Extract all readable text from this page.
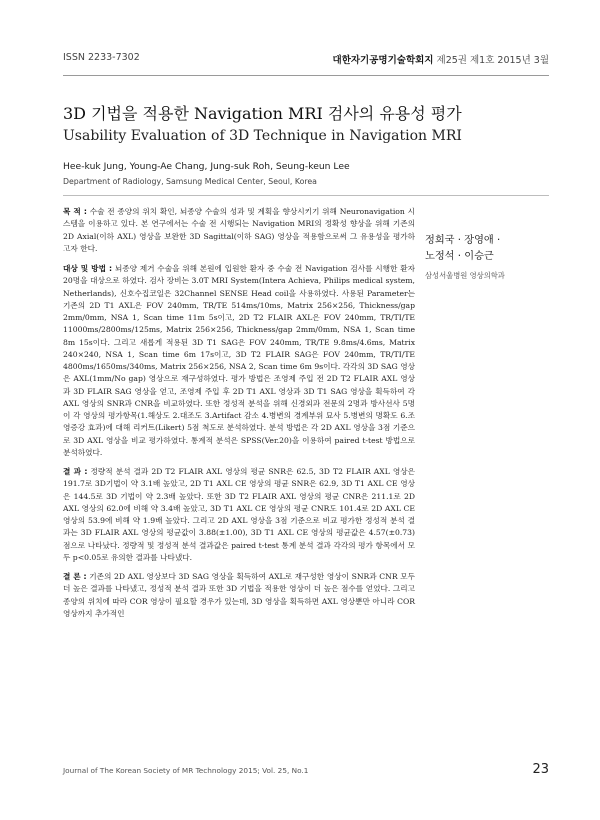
ISSN 2233-7302	대한자기공명기술학회지 제25권 제1호 2015년 3월
3D 기법을 적용한 Navigation MRI 검사의 유용성 평가
Usability Evaluation of 3D Technique in Navigation MRI
Hee-kuk Jung, Young-Ae Chang, Jung-suk Roh, Seung-keun Lee
Department of Radiology, Samsung Medical Center, Seoul, Korea
정희국 · 장영애 ·
노정석 · 이승근
삼성서울병원 영상의학과

목 적 : 수술 전 종양의 위치 확인, 뇌종양 수술의 성과 및 계획을 향상시키기 위해 Neuronavigation 시스템을 이용하고 있다. 본 연구에서는 수술 전 시행되는 Navigation MRI의 정확성 향상을 위해 기존의 2D Axial(이하 AXL) 영상을 보완한 3D Sagittal(이하 SAG) 영상을 적용함으로써 그 유용성을 평가하고자 한다.

대상 및 방법 : 뇌종양 제거 수술을 위해 본원에 입원한 환자 중 수술 전 Navigation 검사를 시행한 환자 20명을 대상으로 하였다. 검사 장비는 3.0T MRI System(Intera Achieva, Philips medical system, Netherlands), 신호수집코일은 32Channel SENSE Head coil을 사용하였다. 사용된 Parameter는 기존의 2D T1 AXL은 FOV 240mm, TR/TE 514ms/10ms, Matrix 256×256, Thickness/gap 2mm/0mm, NSA 1, Scan time 11m 5s이고, 2D T2 FLAIR AXL은 FOV 240mm, TR/TI/TE 11000ms/2800ms/125ms, Matrix 256×256, Thickness/gap 2mm/0mm, NSA 1, Scan time 8m 15s이다. 그리고 새롭게 적용된 3D T1 SAG은 FOV 240mm, TR/TE 9.8ms/4.6ms, Matrix 240×240, NSA 1, Scan time 6m 17s이고, 3D T2 FLAIR SAG은 FOV 240mm, TR/TI/TE 4800ms/1650ms/340ms, Matrix 256×256, NSA 2, Scan time 6m 9s이다. 각각의 3D SAG 영상은 AXL(1mm/No gap) 영상으로 재구성하였다. 평가 방법은 조영제 주입 전 2D T2 FLAIR AXL 영상과 3D FLAIR SAG 영상을 얻고, 조영제 주입 후 2D T1 AXL 영상과 3D T1 SAG 영상을 획득하여 각 AXL 영상의 SNR과 CNR을 비교하였다. 또한 정성적 분석을 위해 신경외과 전문의 2명과 방사선사 5명이 각 영상의 평가항목(1.해상도 2.대조도 3.Artifact 감소 4.병변의 경계부위 묘사 5.병변의 명확도 6.조영증강 효과)에 대해 리커트(Likert) 5점 척도로 분석하였다. 분석 방법은 각 2D AXL 영상을 3점 기준으로 3D AXL 영상을 비교 평가하였다. 통계적 분석은 SPSS(Ver.20)을 이용하여 paired t-test 방법으로 분석하였다.

결 과 : 정량적 분석 결과 2D T2 FLAIR AXL 영상의 평균 SNR은 62.5, 3D T2 FLAIR AXL 영상은 191.7로 3D기법이 약 3.1배 높았고, 2D T1 AXL CE 영상의 평균 SNR은 62.9, 3D T1 AXL CE 영상은 144.5로 3D 기법이 약 2.3배 높았다. 또한 3D T2 FLAIR AXL 영상의 평균 CNR은 211.1로 2D AXL 영상의 62.0에 비해 약 3.4배 높았고, 3D T1 AXL CE 영상의 평균 CNR도 101.4로 2D AXL CE 영상의 53.9에 비해 약 1.9배 높았다. 그리고 2D AXL 영상을 3점 기준으로 비교 평가한 정성적 분석 결과는 3D FLAIR AXL 영상의 평균값이 3.88(±1.00), 3D T1 AXL CE 영상의 평균값은 4.57(±0.73)점으로 나타났다. 정량적 및 정성적 분석 결과값은 paired t-test 통계 분석 결과 각각의 평가 항목에서 모두 p<0.05로 유의한 결과를 나타냈다.

결 론 : 기존의 2D AXL 영상보다 3D SAG 영상을 획득하여 AXL로 재구성한 영상이 SNR과 CNR 모두 더 높은 결과를 나타냈고, 정성적 분석 결과 또한 3D 기법을 적용한 영상이 더 높은 점수를 얻었다. 그리고 종양의 위치에 따라 COR 영상이 필요할 경우가 있는데, 3D 영상을 획득하면 AXL 영상뿐만 아니라 COR 영상까지 추가적인

Journal of The Korean Society of MR Technology 2015; Vol. 25, No.1	23
